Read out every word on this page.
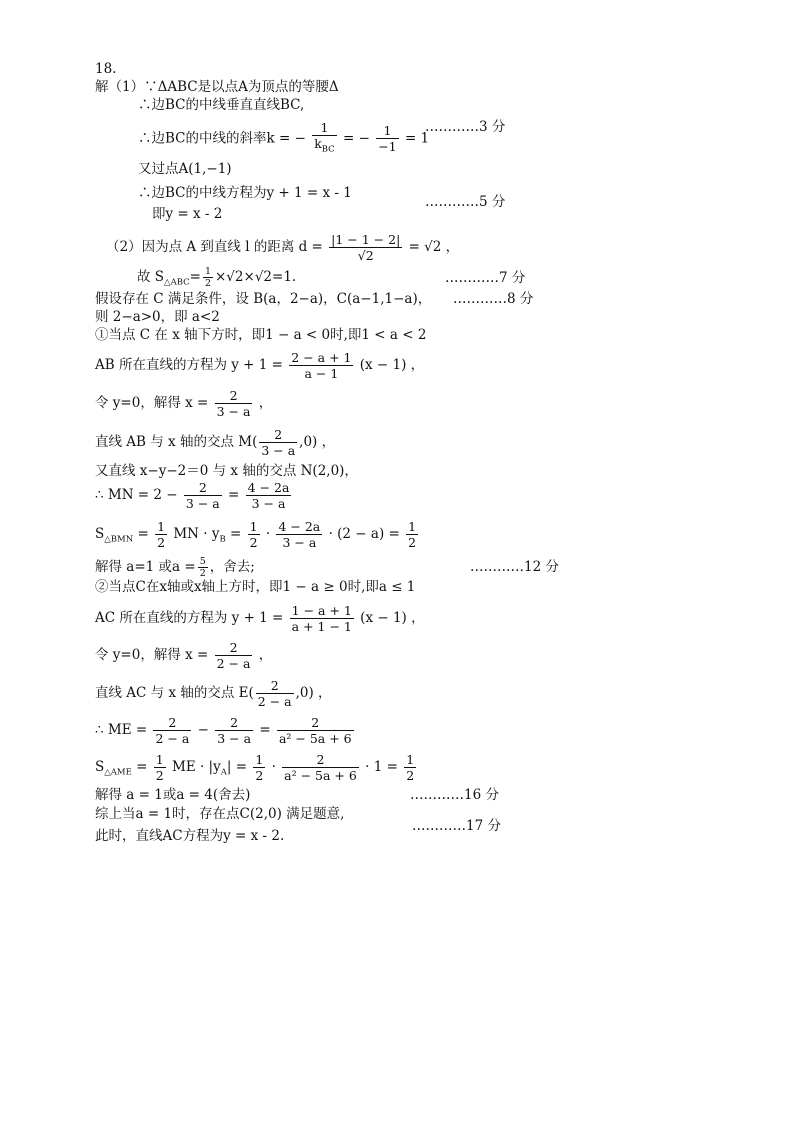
18.
解（1）∵ΔABC是以点A为顶点的等腰Δ
∴边BC的中线垂直直线BC,
∴边BC的中线的斜率k = − $\frac{1}{k_{BC}}$ = − $\frac{1}{-1} = 1$
…………3 分
又过点A(1,−1)
∴边BC的中线方程为y + 1 = x - 1
…………5 分
即y = x - 2
（2）因为点 A 到直线 l 的距离 $d = \frac{|1 - 1 - 2|}{√2} = √2$ ，
故 $S_{\triangle ABC}= \frac{1}{2} \times√2\times√2=1$.	…………7 分
假设存在 C 满足条件，设 B(a，2−a)，C(a−1,1−a)， …………8 分
则 2−a>0，即 a<2
①当点 C 在 x 轴下方时，即1 − a < 0时,即1 < a < 2
AB 所在直线的方程为 $y + 1 = \frac{2 - a + 1}{a - 1} (x - 1)$ ，
令 y=0，解得 $x = \frac{2}{3 - a}$ ，
直线 AB 与 x 轴的交点 $M( \frac{2}{3 - a} ,0)$ ，
又直线 x−y−2＝0 与 x 轴的交点 N(2,0)，
∴ MN = $2 - \frac{2}{3 - a} = \frac{4 - 2a}{3 - a}$
$S_{\triangle BMN} = \frac{1}{2}$ MN · $y_B = \frac{1}{2} \cdot \frac{4 - 2a}{3 - a} \cdot (2 - a) = \frac{1}{2}$
解得 a=1 或$a = \frac{5}{2}$ ，舍去;	…………12 分
②当点C在x轴或x轴上方时，即1 − a ≥ 0时,即a ≤ 1
AC 所在直线的方程为 $y + 1 = \frac{1 - a + 1}{a + 1 - 1} (x - 1)$ ，
令 y=0，解得 $x = \frac{2}{2 - a}$ ，
直线 AC 与 x 轴的交点 $E( \frac{2}{2 - a} ,0)$ ，
∴ ME = $\frac{2}{2 - a} - \frac{2}{3 - a} = \frac{2}{\text{a² − 5a + 6}}$
$S_{\triangle AME} = \frac{1}{2}$ ME · $|y_A| = \frac{1}{2} \cdot \frac{2}{\text{a² − 5a + 6}} \cdot 1 = \frac{1}{2}$
解得 a = 1或a = 4(舍去)	…………16 分
综上当a = 1时，存在点C(2,0) 满足题意,
…………17 分
此时，直线AC方程为y = x - 2.
